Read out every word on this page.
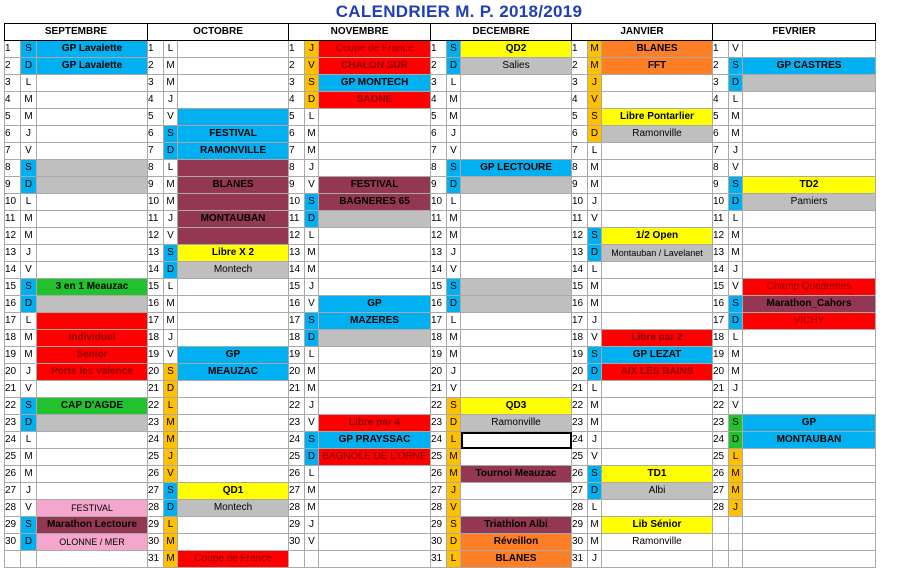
CALENDRIER M. P. 2018/2019
SEPTEMBRE			OCTOBRE			NOVEMBRE			DECEMBRE			JANVIER			FEVRIER		
1	S	GP Lavalette	1	L		1	J	Coupe de France	1	S	QD2	1	M	BLANES	1	V	
2	D	GP Lavalette	2	M		2	V	CHALON SUR	2	D	Salies	2	M	FFT	2	S	GP CASTRES
3	L		3	M		3	S	GP MONTECH	3	L		3	J		3	D	
4	M		4	J		4	D	SAONE	4	M		4	V		4	L	
5	M		5	V		5	L		5	M		5	S	Libre Pontarlier	5	M	
6	J		6	S	FESTIVAL	6	M		6	J		6	D	Ramonville	6	M	
7	V		7	D	RAMONVILLE	7	M		7	V		7	L		7	J	
8	S		8	L		8	J		8	S	GP LECTOURE	8	M		8	V	
9	D		9	M	BLANES	9	V	FESTIVAL	9	D		9	M		9	S	TD2
10	L		10	M		10	S	BAGNERES 65	10	L		10	J		10	D	Pamiers
11	M		11	J	MONTAUBAN	11	D		11	M		11	V		11	L	
12	M		12	V		12	L		12	M		12	S	1/2 Open	12	M	
13	J		13	S	Libre X 2	13	M		13	J		13	D	Montauban / Lavelanet	13	M	
14	V		14	D	Montech	14	M		14	V		14	L		14	J	
15	S	3 en 1 Meauzac	15	L		15	J		15	S		15	M		15	V	Champ Quadrettes
16	D		16	M		16	V	GP	16	D		16	M		16	S	Marathon_Cahors
17	L		17	M		17	S	MAZERES	17	L		17	J		17	D	VICHY
18	M	Individuel	18	J		18	D		18	M		18	V	Libre par 2	18	L	
19	M	Senior	19	V	GP	19	L		19	M		19	S	GP LEZAT	19	M	
20	J	Porte les valence	20	S	MEAUZAC	20	M		20	J		20	D	AIX LES BAINS	20	M	
21	V		21	D		21	M		21	V		21	L		21	J	
22	S	CAP D'AGDE	22	L		22	J		22	S	QD3	22	M		22	V	
23	D		23	M		23	V	Libre par 4	23	D	Ramonville	23	M		23	S	GP
24	L		24	M		24	S	GP PRAYSSAC	24	L		24	J		24	D	MONTAUBAN
25	M		25	J		25	D	BAGNOLE DE L'ORNE	25	M		25	V		25	L	
26	M		26	V		26	L		26	M	Tournoi Meauzac	26	S	TD1	26	M	
27	J		27	S	QD1	27	M		27	J		27	D	Albi	27	M	
28	V	FESTIVAL	28	D	Montech	28	M		28	V		28	L		28	J	
29	S	Marathon Lectoure	29	L		29	J		29	S	Triathlon Albi	29	M	Lib Sénior			
30	D	OLONNE / MER	30	M		30	V		30	D	Réveillon	30	M	Ramonville			
			31	M	Coupe de France				31	L	BLANES	31	J				
